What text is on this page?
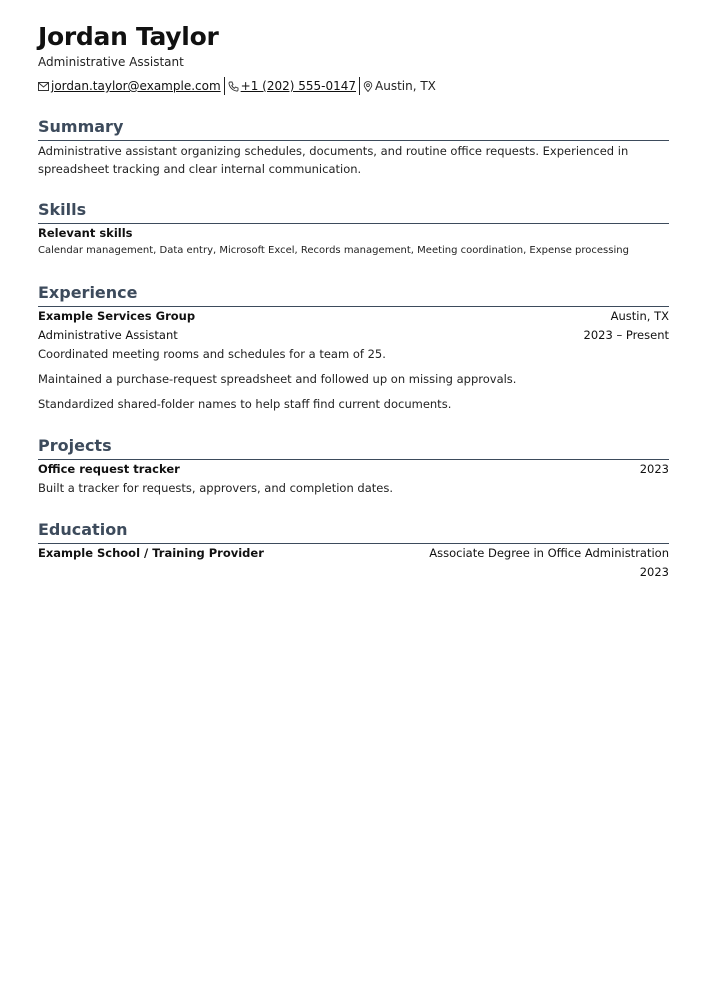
Jordan Taylor
Administrative Assistant
jordan.taylor@example.com +1 (202) 555-0147 Austin, TX
Summary
Administrative assistant organizing schedules, documents, and routine office requests. Experienced in spreadsheet tracking and clear internal communication.
Skills
Relevant skills
Calendar management, Data entry, Microsoft Excel, Records management, Meeting coordination, Expense processing
Experience
Example Services Group	Austin, TX
Administrative Assistant	2023 – Present
Coordinated meeting rooms and schedules for a team of 25.
Maintained a purchase-request spreadsheet and followed up on missing approvals.
Standardized shared-folder names to help staff find current documents.
Projects
Office request tracker	2023
Built a tracker for requests, approvers, and completion dates.
Education
Example School / Training Provider	Associate Degree in Office Administration
2023
